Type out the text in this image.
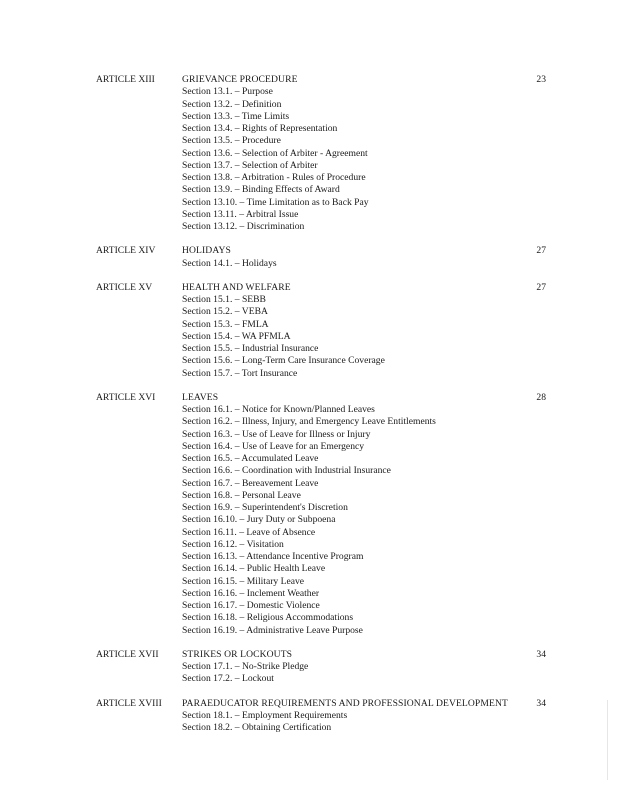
ARTICLE XIII	GRIEVANCE PROCEDURE	23
Section 13.1. – Purpose
Section 13.2. – Definition
Section 13.3. – Time Limits
Section 13.4. – Rights of Representation
Section 13.5. – Procedure
Section 13.6. – Selection of Arbiter - Agreement
Section 13.7. – Selection of Arbiter
Section 13.8. – Arbitration - Rules of Procedure
Section 13.9. – Binding Effects of Award
Section 13.10. – Time Limitation as to Back Pay
Section 13.11. – Arbitral Issue
Section 13.12. – Discrimination
ARTICLE XIV	HOLIDAYS	27
Section 14.1. – Holidays
ARTICLE XV	HEALTH AND WELFARE	27
Section 15.1. – SEBB
Section 15.2. – VEBA
Section 15.3. – FMLA
Section 15.4. – WA PFMLA
Section 15.5. – Industrial Insurance
Section 15.6. – Long-Term Care Insurance Coverage
Section 15.7. – Tort Insurance
ARTICLE XVI	LEAVES	28
Section 16.1. – Notice for Known/Planned Leaves
Section 16.2. – Illness, Injury, and Emergency Leave Entitlements
Section 16.3. – Use of Leave for Illness or Injury
Section 16.4. – Use of Leave for an Emergency
Section 16.5. – Accumulated Leave
Section 16.6. – Coordination with Industrial Insurance
Section 16.7. – Bereavement Leave
Section 16.8. – Personal Leave
Section 16.9. – Superintendent's Discretion
Section 16.10. – Jury Duty or Subpoena
Section 16.11. – Leave of Absence
Section 16.12. – Visitation
Section 16.13. – Attendance Incentive Program
Section 16.14. – Public Health Leave
Section 16.15. – Military Leave
Section 16.16. – Inclement Weather
Section 16.17. – Domestic Violence
Section 16.18. – Religious Accommodations
Section 16.19. – Administrative Leave Purpose
ARTICLE XVII STRIKES OR LOCKOUTS	34
Section 17.1. – No-Strike Pledge
Section 17.2. – Lockout
ARTICLE XVIII PARAEDUCATOR REQUIREMENTS AND PROFESSIONAL DEVELOPMENT	34
Section 18.1. – Employment Requirements
Section 18.2. – Obtaining Certification
